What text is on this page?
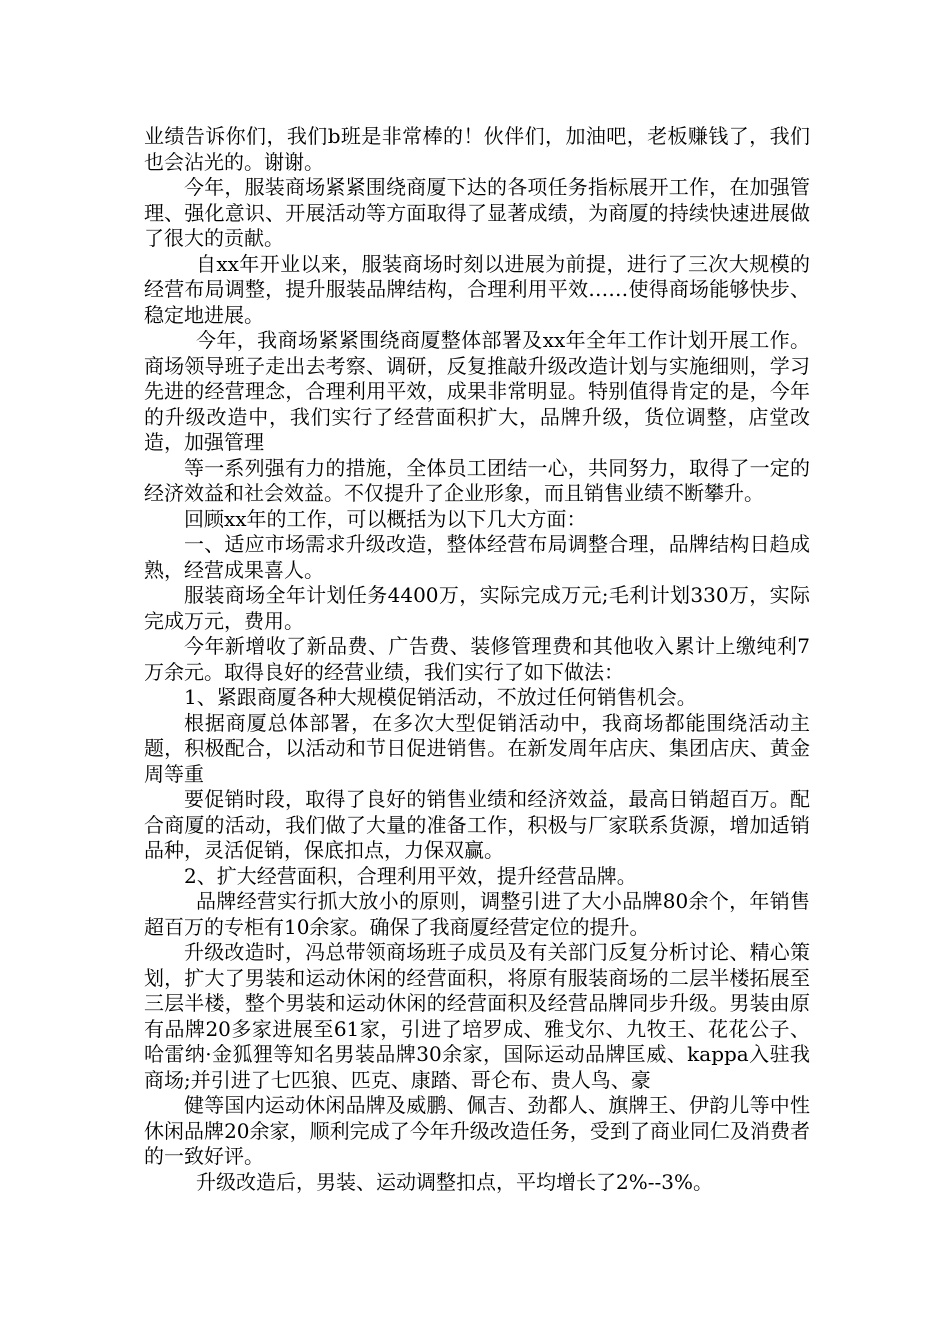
业绩告诉你们，我们b班是非常棒的！伙伴们，加油吧，老板赚钱了，我们也会沾光的。谢谢。

今年，服装商场紧紧围绕商厦下达的各项任务指标展开工作，在加强管理、强化意识、开展活动等方面取得了显著成绩，为商厦的持续快速进展做了很大的贡献。

自xx年开业以来，服装商场时刻以进展为前提，进行了三次大规模的经营布局调整，提升服装品牌结构，合理利用平效……使得商场能够快步、稳定地进展。

今年，我商场紧紧围绕商厦整体部署及xx年全年工作计划开展工作。商场领导班子走出去考察、调研，反复推敲升级改造计划与实施细则，学习先进的经营理念，合理利用平效，成果非常明显。特别值得肯定的是，今年的升级改造中，我们实行了经营面积扩大，品牌升级，货位调整，店堂改造，加强管理

等一系列强有力的措施，全体员工团结一心，共同努力，取得了一定的经济效益和社会效益。不仅提升了企业形象，而且销售业绩不断攀升。

回顾xx年的工作，可以概括为以下几大方面：

一、适应市场需求升级改造，整体经营布局调整合理，品牌结构日趋成熟，经营成果喜人。

服装商场全年计划任务4400万，实际完成万元;毛利计划330万，实际完成万元，费用。

今年新增收了新品费、广告费、装修管理费和其他收入累计上缴纯利7万余元。取得良好的经营业绩，我们实行了如下做法：

1、紧跟商厦各种大规模促销活动，不放过任何销售机会。

根据商厦总体部署，在多次大型促销活动中，我商场都能围绕活动主题，积极配合，以活动和节日促进销售。在新发周年店庆、集团店庆、黄金周等重

要促销时段，取得了良好的销售业绩和经济效益，最高日销超百万。配合商厦的活动，我们做了大量的准备工作，积极与厂家联系货源，增加适销品种，灵活促销，保底扣点，力保双赢。

2、扩大经营面积，合理利用平效，提升经营品牌。

品牌经营实行抓大放小的原则，调整引进了大小品牌80余个，年销售超百万的专柜有10余家。确保了我商厦经营定位的提升。

升级改造时，冯总带领商场班子成员及有关部门反复分析讨论、精心策划，扩大了男装和运动休闲的经营面积，将原有服装商场的二层半楼拓展至三层半楼，整个男装和运动休闲的经营面积及经营品牌同步升级。男装由原有品牌20多家进展至61家，引进了培罗成、雅戈尔、九牧王、花花公子、哈雷纳·金狐狸等知名男装品牌30余家，国际运动品牌匡威、kappa入驻我商场;并引进了七匹狼、匹克、康踏、哥仑布、贵人鸟、豪

健等国内运动休闲品牌及威鹏、佩吉、劲都人、旗牌王、伊韵儿等中性休闲品牌20余家，顺利完成了今年升级改造任务，受到了商业同仁及消费者的一致好评。

升级改造后，男装、运动调整扣点，平均增长了2%--3%。
